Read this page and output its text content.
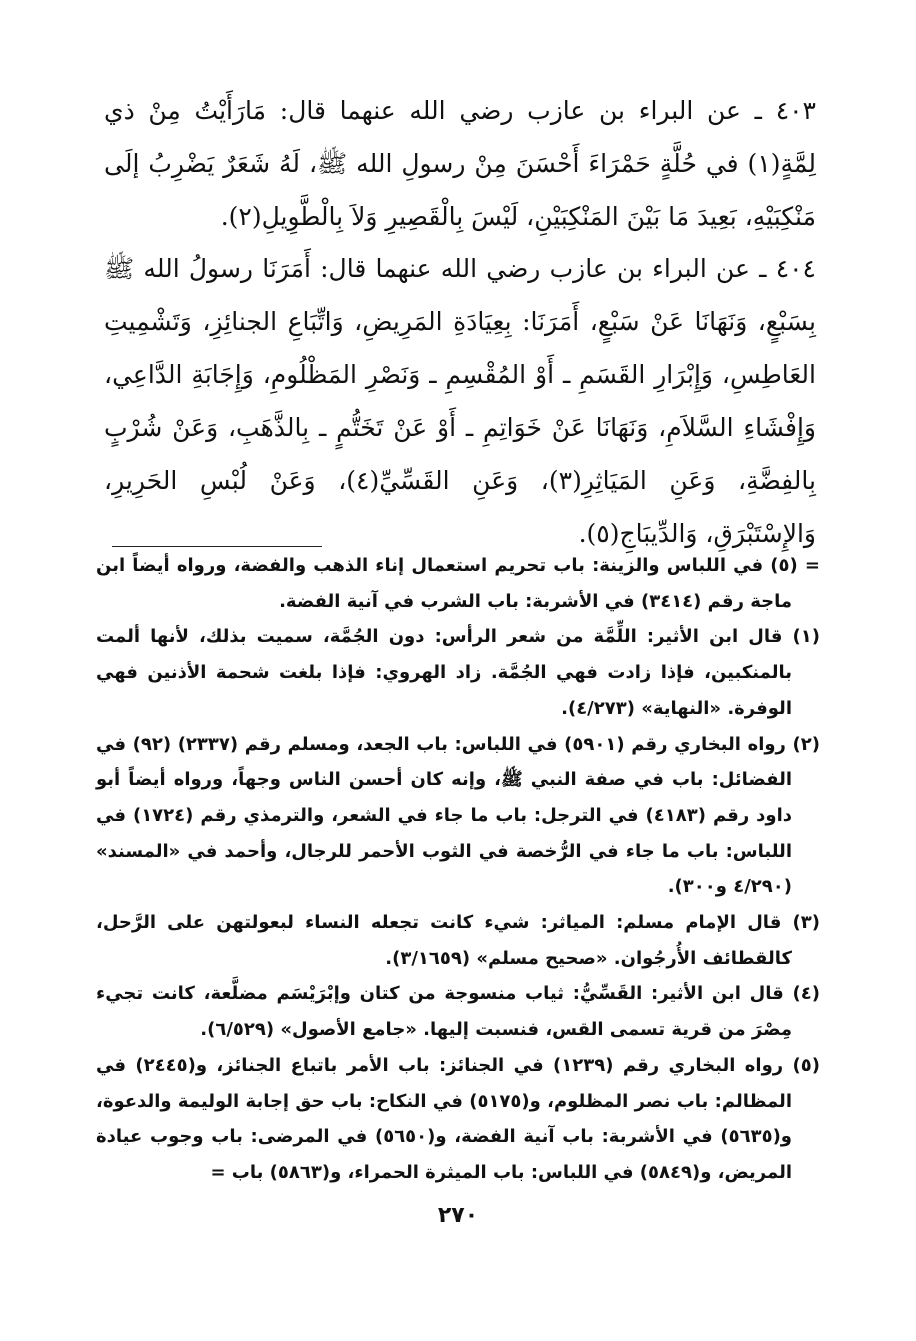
٤٠٣ ـ عن البراء بن عازب رضي الله عنهما قال: مَارَأَيْتُ مِنْ ذي لِمَّةٍ(١) في حُلَّةٍ حَمْرَاءَ أَحْسَنَ مِنْ رسولِ الله ﷺ، لَهُ شَعَرٌ يَضْرِبُ إلَى مَنْكِبَيْهِ، بَعِيدَ مَا بَيْنَ المَنْكِبَيْنِ، لَيْسَ بِالْقَصِيرِ وَلاَ بِالْطَّوِيلِ(٢).

٤٠٤ ـ عن البراء بن عازب رضي الله عنهما قال: أَمَرَنَا رسولُ الله ﷺ بِسَبْعٍ، وَنَهَانَا عَنْ سَبْعٍ، أَمَرَنَا: بِعِيَادَةِ المَرِيضِ، وَاتِّبَاعِ الجنائِزِ، وَتَشْمِيتِ العَاطِسِ، وَإِبْرَارِ القَسَمِ ـ أَوْ المُقْسِمِ ـ وَنَصْرِ المَظْلُومِ، وَإِجَابَةِ الدَّاعِي، وَإِفْشَاءِ السَّلاَمِ، وَنَهَانَا عَنْ خَوَاتِمِ ـ أَوْ عَنْ تَخَتُّمٍ ـ بِالذَّهَبِ، وَعَنْ شُرْبٍ بِالفِضَّةِ، وَعَنِ المَيَاثِرِ(٣)، وَعَنِ القَسِّيِّ(٤)، وَعَنْ لُبْسِ الحَرِيرِ، وَالإِسْتَبْرَقِ، وَالدِّيبَاجِ(٥).

= (٥) في اللباس والزينة: باب تحريم استعمال إناء الذهب والفضة، ورواه أيضاً ابن ماجة رقم (٣٤١٤) في الأشربة: باب الشرب في آنية الفضة.
(١) قال ابن الأثير: اللِّمَّة من شعر الرأس: دون الجُمَّة، سميت بذلك، لأنها ألمت بالمنكبين، فإذا زادت فهي الجُمَّة. زاد الهروي: فإذا بلغت شحمة الأذنين فهي الوفرة. «النهاية» (٤/٢٧٣).
(٢) رواه البخاري رقم (٥٩٠١) في اللباس: باب الجعد، ومسلم رقم (٢٣٣٧) (٩٢) في الفضائل: باب في صفة النبي ﷺ، وإنه كان أحسن الناس وجهاً، ورواه أيضاً أبو داود رقم (٤١٨٣) في الترجل: باب ما جاء في الشعر، والترمذي رقم (١٧٢٤) في اللباس: باب ما جاء في الرُّخصة في الثوب الأحمر للرجال، وأحمد في «المسند» (٤/٢٩٠ و٣٠٠).
(٣) قال الإمام مسلم: المياثر: شيء كانت تجعله النساء لبعولتهن على الرَّحل، كالقطائف الأُرجُوان. «صحيح مسلم» (٣/١٦٥٩).
(٤) قال ابن الأثير: القَسِّيُّ: ثياب منسوجة من كتان وإبْرَيْسَم مضلَّعة، كانت تجيء مِصْرَ من قرية تسمى القس، فنسبت إليها. «جامع الأصول» (٦/٥٢٩).
(٥) رواه البخاري رقم (١٢٣٩) في الجنائز: باب الأمر باتباع الجنائز، و(٢٤٤٥) في المظالم: باب نصر المظلوم، و(٥١٧٥) في النكاح: باب حق إجابة الوليمة والدعوة، و(٥٦٣٥) في الأشربة: باب آنية الفضة، و(٥٦٥٠) في المرضى: باب وجوب عيادة المريض، و(٥٨٤٩) في اللباس: باب الميثرة الحمراء، و(٥٨٦٣) باب =
٢٧٠
